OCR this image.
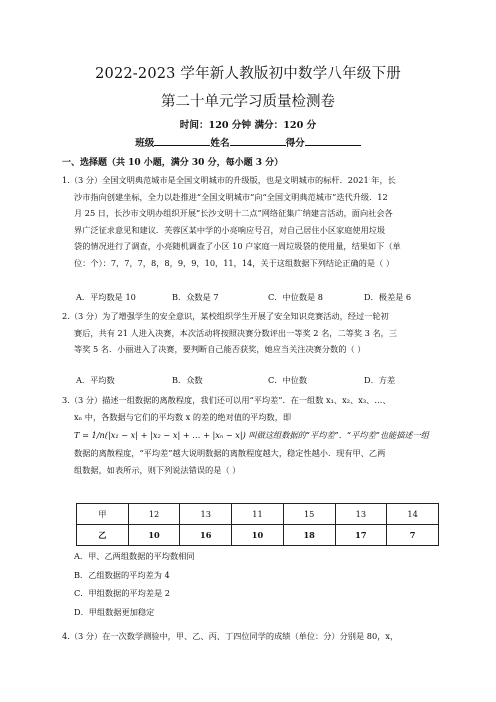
2022-2023 学年新人教版初中数学八年级下册
第二十单元学习质量检测卷
时间：120 分钟 满分：120 分
班级	姓名	得分
一、选择题（共 10 小题，满分 30 分，每小题 3 分）
1.（3 分）全国文明典范城市是全国文明城市的升级版，也是文明城市的标杆．2021 年，长
沙市指向创建坐标，全力以赴推进“全国文明城市”向“全国文明典范城市”迭代升级．12
月 25 日，长沙市文明办组织开展“长沙文明十二点”网络征集广纳建言活动，面向社会各
界广泛征求意见和建议．芙蓉区某中学的小亮响应号召，对自己居住小区家庭使用垃圾
袋的情况进行了调查，小亮随机调查了小区 10 户家庭一周垃圾袋的使用量，结果如下（单
位：个）：7，7，7，8，8，9，9，10，11，14，关于这组数据下列结论正确的是（ ）
A．平均数是 10	B．众数是 7	C．中位数是 8	D．极差是 6
2.（3 分）为了增强学生的安全意识，某校组织学生开展了安全知识竞赛活动，经过一轮初
赛后，共有 21 人进入决赛，本次活动将按照决赛分数评出一等奖 2 名，二等奖 3 名，三
等奖 5 名．小丽进入了决赛，要判断自己能否获奖，她应当关注决赛分数的（ ）
A．平均数	B．众数	C．中位数	D．方差
3.（3 分）描述一组数据的离散程度，我们还可以用“平均差”．在一组数 x₁、x₂、x₃、…、
xₙ 中，各数据与它们的平均数 x 的差的绝对值的平均数，即
T = 1/n(|x₁ − x| + |x₂ − x| + … + |xₙ − x|) 叫做这组数据的“平均差”．“平均差”也能描述一组
数据的离散程度，“平均差”越大说明数据的离散程度越大，稳定性越小．现有甲、乙两
组数据，如表所示，则下列说法错误的是（ ）
甲	12	13	11	15	13	14
乙	10	16	10	18	17	7
A．甲、乙两组数据的平均数相同
B．乙组数据的平均差为 4
C．甲组数据的平均差是 2
D．甲组数据更加稳定
4.（3 分）在一次数学测验中，甲、乙、丙、丁四位同学的成绩（单位：分）分别是 80，x，
